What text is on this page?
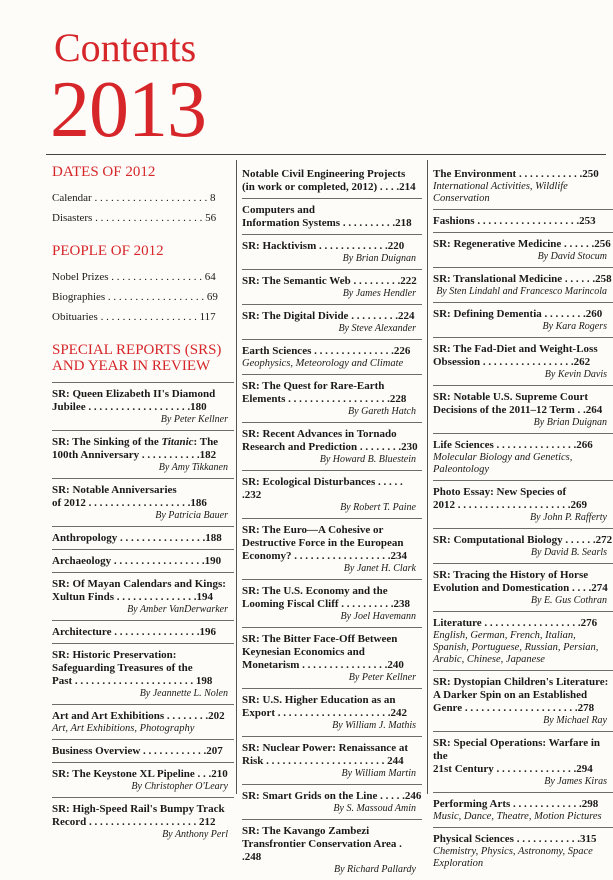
Contents
2013
DATES OF 2012
Calendar . . . . . . . . . . . . . . . . . . . . . 8
Disasters . . . . . . . . . . . . . . . . . . . . 56
PEOPLE OF 2012
Nobel Prizes . . . . . . . . . . . . . . . . . 64
Biographies . . . . . . . . . . . . . . . . . . 69
Obituaries . . . . . . . . . . . . . . . . . . 117
SPECIAL REPORTS (SRS) AND YEAR IN REVIEW
SR: Queen Elizabeth II's Diamond
Jubilee . . . . . . . . . . . . . . . . . . .180
By Peter Kellner
SR: The Sinking of the Titanic: The
100th Anniversary . . . . . . . . . . .182
By Amy Tikkanen
SR: Notable Anniversaries
of 2012 . . . . . . . . . . . . . . . . . . .186
By Patricia Bauer
Anthropology . . . . . . . . . . . . . . . .188
Archaeology . . . . . . . . . . . . . . . . .190
SR: Of Mayan Calendars and Kings:
Xultun Finds . . . . . . . . . . . . . . .194
By Amber VanDerwarker
Architecture . . . . . . . . . . . . . . . .196
SR: Historic Preservation:
Safeguarding Treasures of the
Past . . . . . . . . . . . . . . . . . . . . . . 198
By Jeannette L. Nolen
Art and Art Exhibitions . . . . . . . .202
Art, Art Exhibitions, Photography
Business Overview . . . . . . . . . . . .207
SR: The Keystone XL Pipeline . . .210
By Christopher O'Leary
SR: High-Speed Rail's Bumpy Track
Record . . . . . . . . . . . . . . . . . . . . 212
By Anthony Perl
Notable Civil Engineering Projects
(in work or completed, 2012) . . . .214
Computers and
Information Systems . . . . . . . . . .218
SR: Hacktivism . . . . . . . . . . . . .220
By Brian Duignan
SR: The Semantic Web . . . . . . . . .222
By James Hendler
SR: The Digital Divide . . . . . . . . .224
By Steve Alexander
Earth Sciences . . . . . . . . . . . . . . .226
Geophysics, Meteorology and Climate
SR: The Quest for Rare-Earth
Elements . . . . . . . . . . . . . . . . . . .228
By Gareth Hatch
SR: Recent Advances in Tornado
Research and Prediction . . . . . . . .230
By Howard B. Bluestein
SR: Ecological Disturbances . . . . . .232
By Robert T. Paine
SR: The Euro—A Cohesive or
Destructive Force in the European
Economy? . . . . . . . . . . . . . . . . . .234
By Janet H. Clark
SR: The U.S. Economy and the
Looming Fiscal Cliff . . . . . . . . . .238
By Joel Havemann
SR: The Bitter Face-Off Between
Keynesian Economics and
Monetarism . . . . . . . . . . . . . . . .240
By Peter Kellner
SR: U.S. Higher Education as an
Export . . . . . . . . . . . . . . . . . . . . .242
By William J. Mathis
SR: Nuclear Power: Renaissance at
Risk . . . . . . . . . . . . . . . . . . . . . . 244
By William Martin
SR: Smart Grids on the Line . . . . .246
By S. Massoud Amin
SR: The Kavango Zambezi
Transfrontier Conservation Area . .248
By Richard Pallardy
The Environment . . . . . . . . . . . .250
International Activities, Wildlife Conservation
Fashions . . . . . . . . . . . . . . . . . . .253
SR: Regenerative Medicine . . . . . .256
By David Stocum
SR: Translational Medicine . . . . . .258
By Sten Lindahl and Francesco Marincola
SR: Defining Dementia . . . . . . . .260
By Kara Rogers
SR: The Fad-Diet and Weight-Loss
Obsession . . . . . . . . . . . . . . . . .262
By Kevin Davis
SR: Notable U.S. Supreme Court
Decisions of the 2011–12 Term . .264
By Brian Duignan
Life Sciences . . . . . . . . . . . . . . .266
Molecular Biology and Genetics, Paleontology
Photo Essay: New Species of
2012 . . . . . . . . . . . . . . . . . . . . .269
By John P. Rafferty
SR: Computational Biology . . . . . .272
By David B. Searls
SR: Tracing the History of Horse
Evolution and Domestication . . . .274
By E. Gus Cothran
Literature . . . . . . . . . . . . . . . . . .276
English, German, French, Italian, Spanish, Portuguese, Russian, Persian, Arabic, Chinese, Japanese
SR: Dystopian Children's Literature:
A Darker Spin on an Established
Genre . . . . . . . . . . . . . . . . . . . . .278
By Michael Ray
SR: Special Operations: Warfare in the
21st Century . . . . . . . . . . . . . . .294
By James Kiras
Performing Arts . . . . . . . . . . . . .298
Music, Dance, Theatre, Motion Pictures
Physical Sciences . . . . . . . . . . . .315
Chemistry, Physics, Astronomy, Space Exploration
